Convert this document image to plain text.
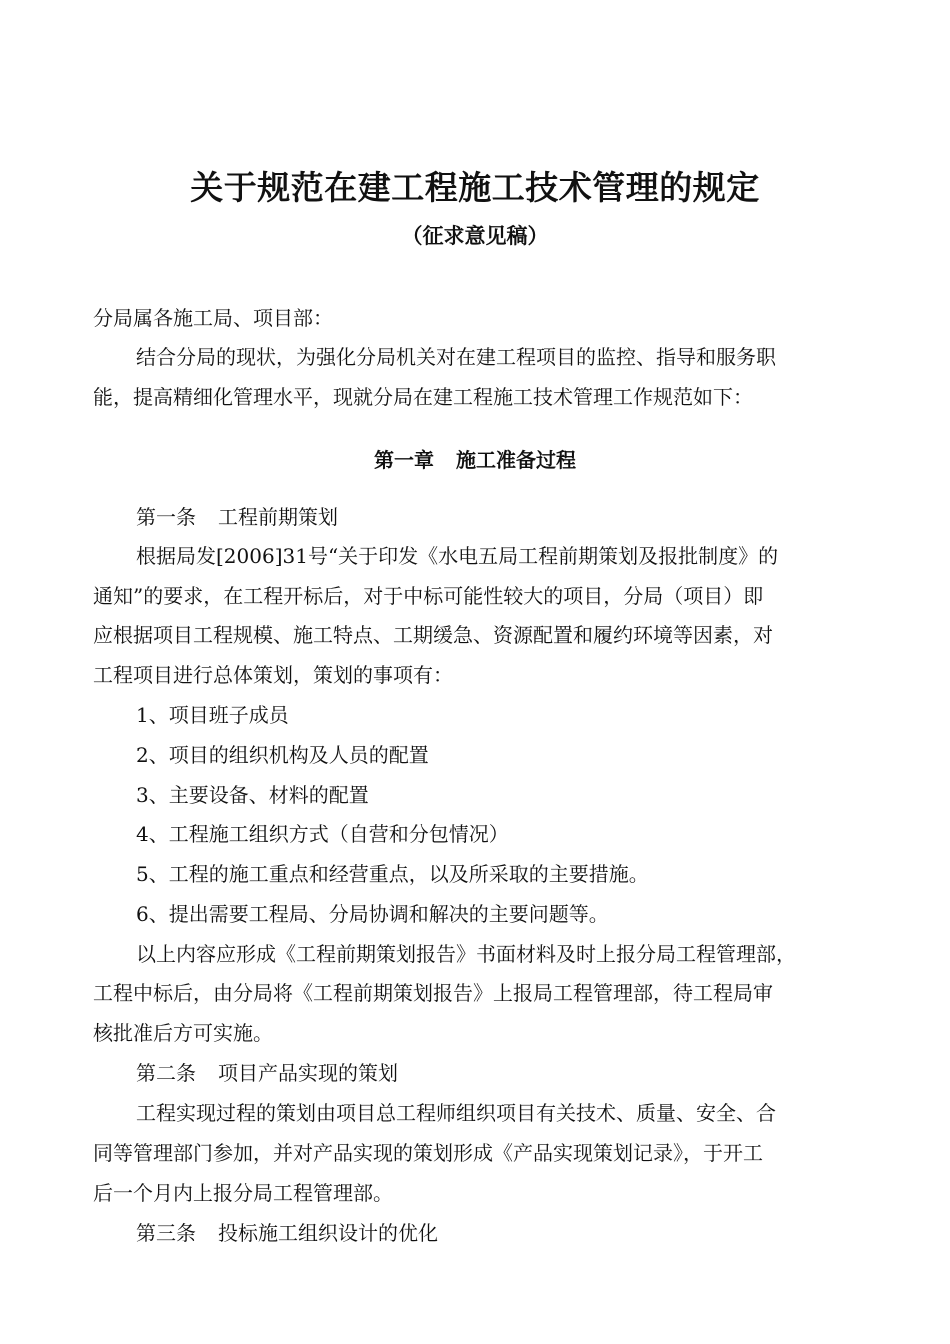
关于规范在建工程施工技术管理的规定
（征求意见稿）
分局属各施工局、项目部：
结合分局的现状，为强化分局机关对在建工程项目的监控、指导和服务职
能，提高精细化管理水平，现就分局在建工程施工技术管理工作规范如下：
第一章 施工准备过程
第一条 工程前期策划
根据局发[2006]31号“关于印发《水电五局工程前期策划及报批制度》的
通知”的要求，在工程开标后，对于中标可能性较大的项目，分局（项目）即
应根据项目工程规模、施工特点、工期缓急、资源配置和履约环境等因素，对
工程项目进行总体策划，策划的事项有：
1、项目班子成员
2、项目的组织机构及人员的配置
3、主要设备、材料的配置
4、工程施工组织方式（自营和分包情况）
5、工程的施工重点和经营重点，以及所采取的主要措施。
6、提出需要工程局、分局协调和解决的主要问题等。
以上内容应形成《工程前期策划报告》书面材料及时上报分局工程管理部，
工程中标后，由分局将《工程前期策划报告》上报局工程管理部，待工程局审
核批准后方可实施。
第二条 项目产品实现的策划
工程实现过程的策划由项目总工程师组织项目有关技术、质量、安全、合
同等管理部门参加，并对产品实现的策划形成《产品实现策划记录》，于开工
后一个月内上报分局工程管理部。
第三条 投标施工组织设计的优化
